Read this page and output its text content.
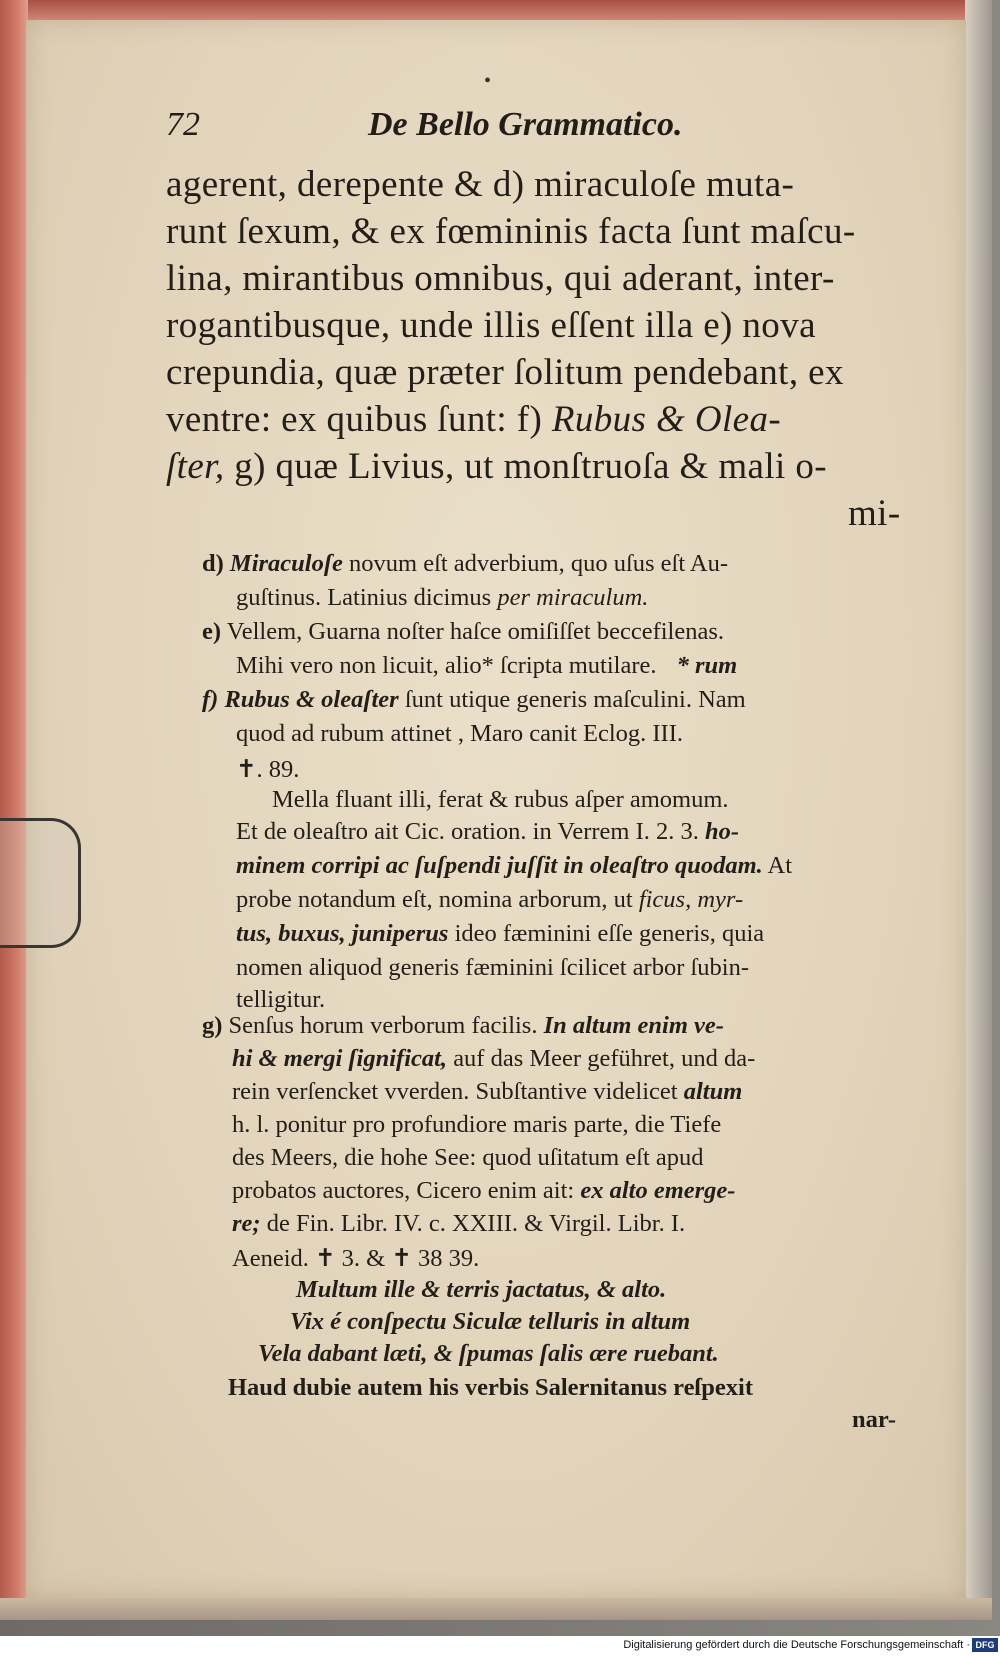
•
72	De Bello Grammatico.
agerent, derepente & d) miraculoſe muta-
runt ſexum, & ex fœmininis facta ſunt maſcu-
lina, mirantibus omnibus, qui aderant, inter-
rogantibusque, unde illis eſſent illa e) nova
crepundia, quæ præter ſolitum pendebant, ex
ventre: ex quibus ſunt: f) Rubus & Olea-
ſter, g) quæ Livius, ut monſtruoſa & mali o-
mi-
d) Miraculoſe novum eſt adverbium, quo uſus eſt Au-
guſtinus. Latinius dicimus per miraculum.
e) Vellem, Guarna noſter haſce omiſiſſet beccefilenas.
Mihi vero non licuit, alio* ſcripta mutilare. * rum
f) Rubus & oleaſter ſunt utique generis maſculini. Nam
quod ad rubum attinet , Maro canit Eclog. III.
✝. 89.
Mella fluant illi, ferat & rubus aſper amomum.
Et de oleaſtro ait Cic. oration. in Verrem I. 2. 3. ho-
minem corripi ac ſuſpendi juſſit in oleaſtro quodam. At
probe notandum eſt, nomina arborum, ut ficus, myr-
tus, buxus, juniperus ideo fæminini eſſe generis, quia
nomen aliquod generis fæminini ſcilicet arbor ſubin-
telligitur.
g) Senſus horum verborum facilis. In altum enim ve-
hi & mergi ſignificat, auf das Meer geführet, und da-
rein verſencket vverden. Subſtantive videlicet altum
h. l. ponitur pro profundiore maris parte, die Tiefe
des Meers, die hohe See: quod uſitatum eſt apud
probatos auctores, Cicero enim ait: ex alto emerge-
re; de Fin. Libr. IV. c. XXIII. & Virgil. Libr. I.
Aeneid. ✝ 3. & ✝ 38 39.
Multum ille & terris jactatus, & alto.
Vix é conſpectu Siculæ telluris in altum
Vela dabant læti, & ſpumas ſalis ære ruebant.
Haud dubie autem his verbis Salernitanus reſpexit
nar-
Digitalisierung gefördert durch die Deutsche Forschungsgemeinschaft · DFG
